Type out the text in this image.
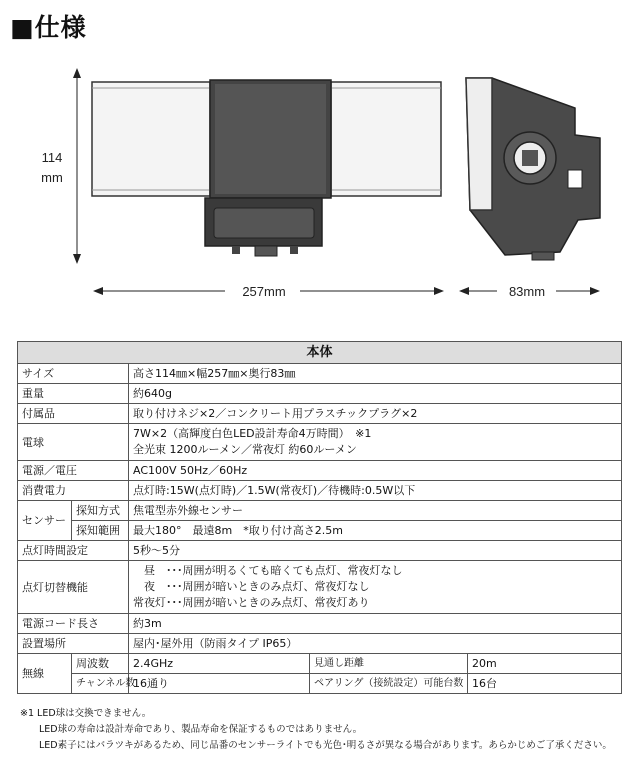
■仕様
114
mm
257mm	83mm
本体				
サイズ		高さ114㎜×幅257㎜×奥行83㎜		
重量		約640g		
付属品		取り付けネジ×2／コンクリート用プラスチックプラグ×2		
電球		7W×2（高輝度白色LED設計寿命4万時間）　※1
全光束 1200ルーメン／常夜灯 約60ルーメン		

電源／電圧		AC100V 50Hz／60Hz		
消費電力		点灯時:15W(点灯時)／1.5W(常夜灯)／待機時:0.5W以下		
センサー	探知方式	焦電型赤外線センサー		
	探知範囲	最大180°　最遠8m　*取り付け高さ2.5m		
点灯時間設定		5秒～5分		
点灯切替機能		　昼　･･･周囲が明るくても暗くても点灯、常夜灯なし
　夜　･･･周囲が暗いときのみ点灯、常夜灯なし
常夜灯･･･周囲が暗いときのみ点灯、常夜灯あり		

電源コード長さ		約3m		
設置場所		屋内･屋外用（防雨タイプ IP65）		
無線	周波数	2.4GHz	見通し距離	20m
	チャンネル数	16通り	ペアリング（接続設定）可能台数	16台
※1 LED球は交換できません。
LED球の寿命は設計寿命であり、製品寿命を保証するものではありません。
LED素子にはバラツキがあるため、同じ品番のセンサーライトでも光色･明るさが異なる場合があります。あらかじめご了承ください。
